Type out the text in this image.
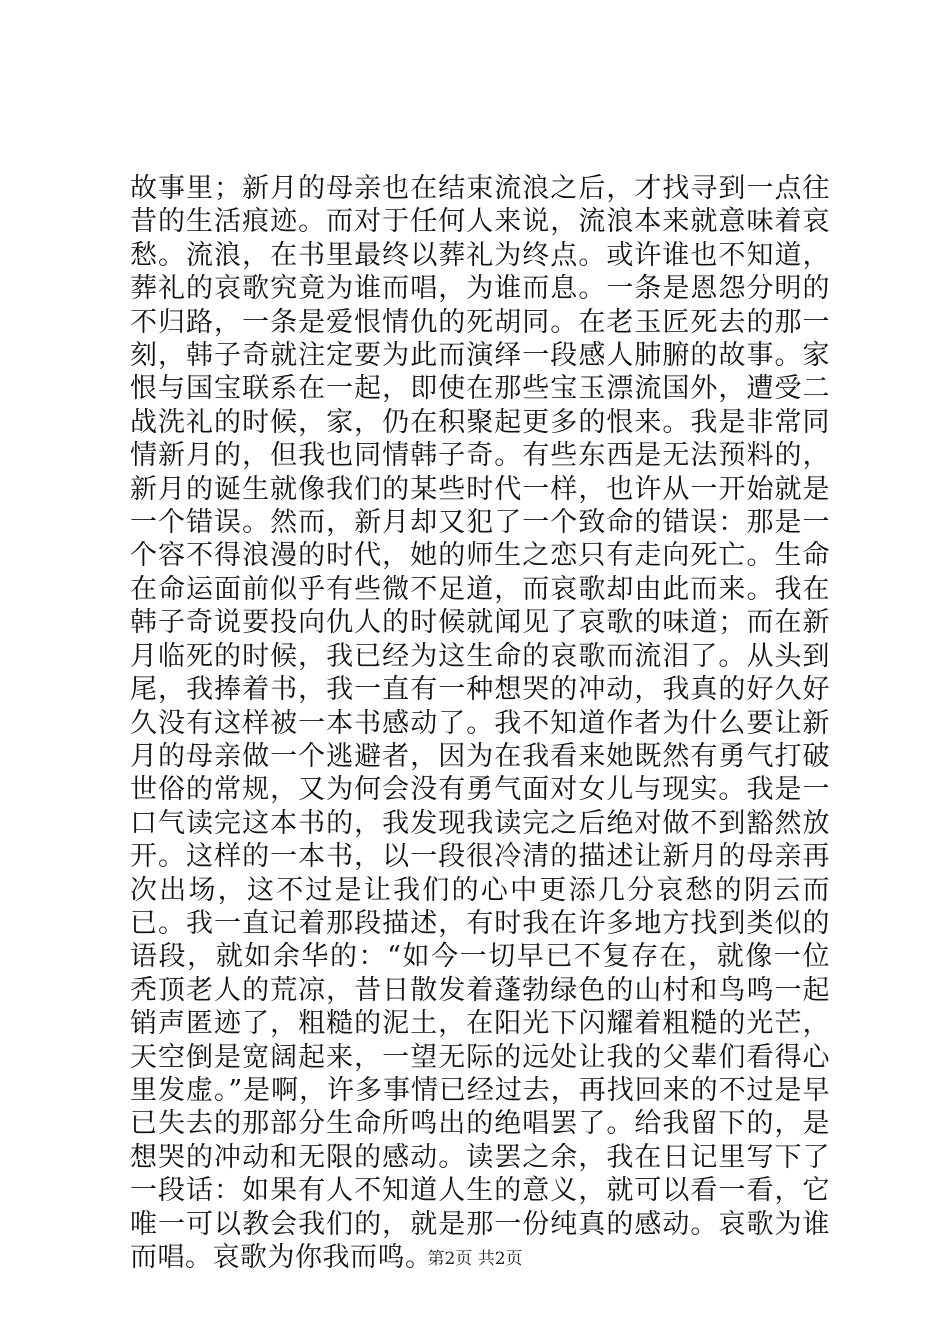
故事里；新月的母亲也在结束流浪之后，才找寻到一点往昔的生活痕迹。而对于任何人来说，流浪本来就意味着哀愁。流浪，在书里最终以葬礼为终点。或许谁也不知道，葬礼的哀歌究竟为谁而唱，为谁而息。一条是恩怨分明的不归路，一条是爱恨情仇的死胡同。在老玉匠死去的那一刻，韩子奇就注定要为此而演绎一段感人肺腑的故事。家恨与国宝联系在一起，即使在那些宝玉漂流国外，遭受二战洗礼的时候，家，仍在积聚起更多的恨来。我是非常同情新月的，但我也同情韩子奇。有些东西是无法预料的，新月的诞生就像我们的某些时代一样，也许从一开始就是一个错误。然而，新月却又犯了一个致命的错误：那是一个容不得浪漫的时代，她的师生之恋只有走向死亡。生命在命运面前似乎有些微不足道，而哀歌却由此而来。我在韩子奇说要投向仇人的时候就闻见了哀歌的味道；而在新月临死的时候，我已经为这生命的哀歌而流泪了。从头到尾，我捧着书，我一直有一种想哭的冲动，我真的好久好久没有这样被一本书感动了。我不知道作者为什么要让新月的母亲做一个逃避者，因为在我看来她既然有勇气打破世俗的常规，又为何会没有勇气面对女儿与现实。我是一口气读完这本书的，我发现我读完之后绝对做不到豁然放开。这样的一本书，以一段很冷清的描述让新月的母亲再次出场，这不过是让我们的心中更添几分哀愁的阴云而已。我一直记着那段描述，有时我在许多地方找到类似的语段，就如余华的：“如今一切早已不复存在，就像一位秃顶老人的荒凉，昔日散发着蓬勃绿色的山村和鸟鸣一起销声匿迹了，粗糙的泥土，在阳光下闪耀着粗糙的光芒，天空倒是宽阔起来，一望无际的远处让我的父辈们看得心里发虚。”是啊，许多事情已经过去，再找回来的不过是早已失去的那部分生命所鸣出的绝唱罢了。给我留下的，是想哭的冲动和无限的感动。读罢之余，我在日记里写下了一段话：如果有人不知道人生的意义，就可以看一看，它唯一可以教会我们的，就是那一份纯真的感动。哀歌为谁而唱。哀歌为你我而鸣。

第2页 共2页
